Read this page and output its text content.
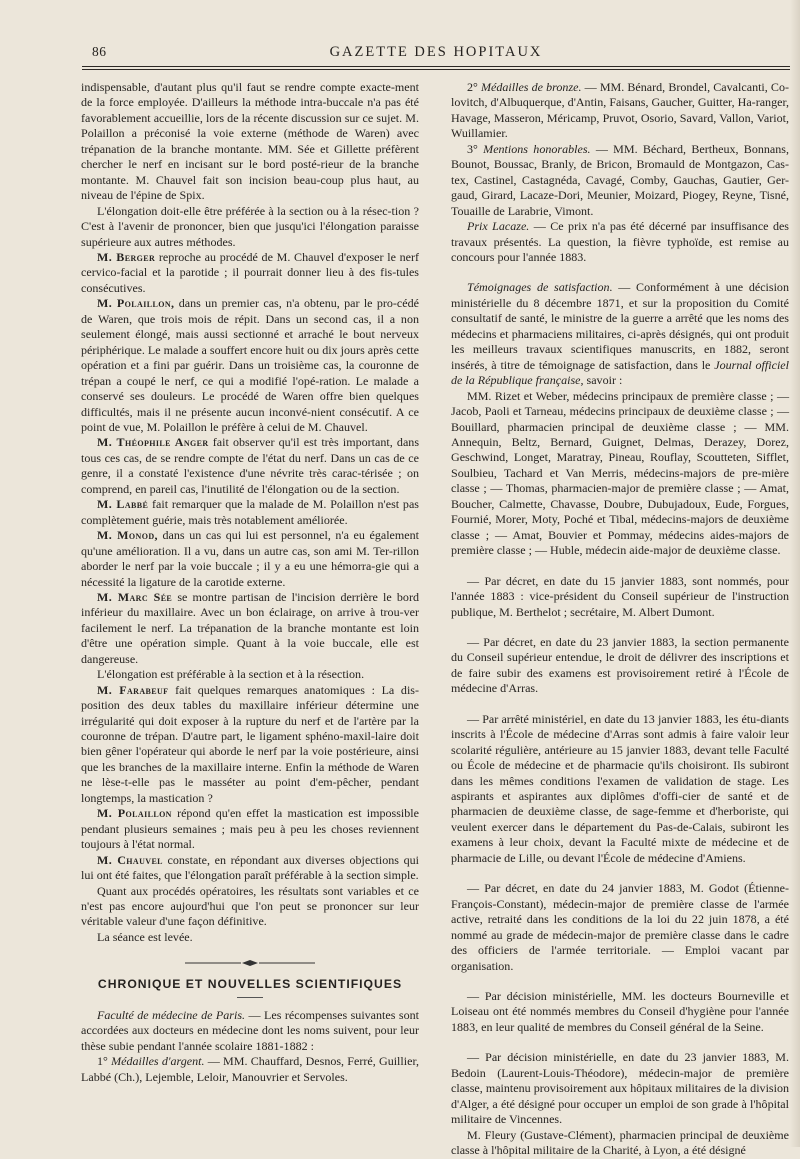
86	GAZETTE DES HOPITAUX

indispensable, d'autant plus qu'il faut se rendre compte exacte-ment de la force employée. D'ailleurs la méthode intra-buccale n'a pas été favorablement accueillie, lors de la récente discussion sur ce sujet. M. Polaillon a préconisé la voie externe (méthode de Waren) avec trépanation de la branche montante. MM. Sée et Gillette préfèrent chercher le nerf en incisant sur le bord posté-rieur de la branche montante. M. Chauvel fait son incision beau-coup plus haut, au niveau de l'épine de Spix.

L'élongation doit-elle être préférée à la section ou à la résec-tion ? C'est à l'avenir de prononcer, bien que jusqu'ici l'élongation paraisse supérieure aux autres méthodes.

M. Berger reproche au procédé de M. Chauvel d'exposer le nerf cervico-facial et la parotide ; il pourrait donner lieu à des fis-tules consécutives.

M. Polaillon, dans un premier cas, n'a obtenu, par le pro-cédé de Waren, que trois mois de répit. Dans un second cas, il a non seulement élongé, mais aussi sectionné et arraché le bout nerveux périphérique. Le malade a souffert encore huit ou dix jours après cette opération et a fini par guérir. Dans un troisième cas, la couronne de trépan a coupé le nerf, ce qui a modifié l'opé-ration. Le malade a conservé ses douleurs. Le procédé de Waren offre bien quelques difficultés, mais il ne présente aucun inconvé-nient consécutif. A ce point de vue, M. Polaillon le préfère à celui de M. Chauvel.

M. Théophile Anger fait observer qu'il est très important, dans tous ces cas, de se rendre compte de l'état du nerf. Dans un cas de ce genre, il a constaté l'existence d'une névrite très carac-térisée ; on comprend, en pareil cas, l'inutilité de l'élongation ou de la section.

M. Labbé fait remarquer que la malade de M. Polaillon n'est pas complètement guérie, mais très notablement améliorée.

M. Monod, dans un cas qui lui est personnel, n'a eu également qu'une amélioration. Il a vu, dans un autre cas, son ami M. Ter-rillon aborder le nerf par la voie buccale ; il y a eu une hémorra-gie qui a nécessité la ligature de la carotide externe.

M. Marc Sée se montre partisan de l'incision derrière le bord inférieur du maxillaire. Avec un bon éclairage, on arrive à trou-ver facilement le nerf. La trépanation de la branche montante est loin d'être une opération simple. Quant à la voie buccale, elle est dangereuse.

L'élongation est préférable à la section et à la résection.

M. Farabeuf fait quelques remarques anatomiques : La dis-position des deux tables du maxillaire inférieur détermine une irrégularité qui doit exposer à la rupture du nerf et de l'artère par la couronne de trépan. D'autre part, le ligament sphéno-maxil-laire doit bien gêner l'opérateur qui aborde le nerf par la voie postérieure, ainsi que les branches de la maxillaire interne. Enfin la méthode de Waren ne lèse-t-elle pas le masséter au point d'em-pêcher, pendant longtemps, la mastication ?

M. Polaillon répond qu'en effet la mastication est impossible pendant plusieurs semaines ; mais peu à peu les choses reviennent toujours à l'état normal.

M. Chauvel constate, en répondant aux diverses objections qui lui ont été faites, que l'élongation paraît préférable à la section simple.

Quant aux procédés opératoires, les résultats sont variables et ce n'est pas encore aujourd'hui que l'on peut se prononcer sur leur véritable valeur d'une façon définitive.

La séance est levée.

CHRONIQUE ET NOUVELLES SCIENTIFIQUES

Faculté de médecine de Paris. — Les récompenses suivantes sont accordées aux docteurs en médecine dont les noms suivent, pour leur thèse subie pendant l'année scolaire 1881-1882 :

1° Médailles d'argent. — MM. Chauffard, Desnos, Ferré, Guillier, Labbé (Ch.), Lejemble, Leloir, Manouvrier et Servoles.

2° Médailles de bronze. — MM. Bénard, Brondel, Cavalcanti, Co-lovitch, d'Albuquerque, d'Antin, Faisans, Gaucher, Guitter, Ha-ranger, Havage, Masseron, Méricamp, Pruvot, Osorio, Savard, Vallon, Variot, Wuillamier.

3° Mentions honorables. — MM. Béchard, Bertheux, Bonnans, Bounot, Boussac, Branly, de Bricon, Bromauld de Montgazon, Cas-tex, Castinel, Castagnéda, Cavagé, Comby, Gauchas, Gautier, Ger-gaud, Girard, Lacaze-Dori, Meunier, Moizard, Piogey, Reyne, Tisné, Touaille de Larabrie, Vimont.

Prix Lacaze. — Ce prix n'a pas été décerné par insuffisance des travaux présentés. La question, la fièvre typhoïde, est remise au concours pour l'année 1883.

Témoignages de satisfaction. — Conformément à une décision ministérielle du 8 décembre 1871, et sur la proposition du Comité consultatif de santé, le ministre de la guerre a arrêté que les noms des médecins et pharmaciens militaires, ci-après désignés, qui ont produit les meilleurs travaux scientifiques manuscrits, en 1882, seront insérés, à titre de témoignage de satisfaction, dans le Journal officiel de la République française, savoir :

MM. Rizet et Weber, médecins principaux de première classe ; — Jacob, Paoli et Tarneau, médecins principaux de deuxième classe ; — Bouillard, pharmacien principal de deuxième classe ; — MM. Annequin, Beltz, Bernard, Guignet, Delmas, Derazey, Dorez, Geschwind, Longet, Maratray, Pineau, Rouflay, Scoutteten, Sifflet, Soulbieu, Tachard et Van Merris, médecins-majors de pre-mière classe ; — Thomas, pharmacien-major de première classe ; — Amat, Boucher, Calmette, Chavasse, Doubre, Dubujadoux, Eude, Forgues, Fournié, Morer, Moty, Poché et Tibal, médecins-majors de deuxième classe ; — Amat, Bouvier et Pommay, médecins aides-majors de première classe ; — Huble, médecin aide-major de deuxième classe.

— Par décret, en date du 15 janvier 1883, sont nommés, pour l'année 1883 : vice-président du Conseil supérieur de l'instruction publique, M. Berthelot ; secrétaire, M. Albert Dumont.

— Par décret, en date du 23 janvier 1883, la section permanente du Conseil supérieur entendue, le droit de délivrer des inscriptions et de faire subir des examens est provisoirement retiré à l'École de médecine d'Arras.

— Par arrêté ministériel, en date du 13 janvier 1883, les étu-diants inscrits à l'École de médecine d'Arras sont admis à faire valoir leur scolarité régulière, antérieure au 15 janvier 1883, devant telle Faculté ou École de médecine et de pharmacie qu'ils choisiront. Ils subiront dans les mêmes conditions l'examen de validation de stage. Les aspirants et aspirantes aux diplômes d'offi-cier de santé et de pharmacien de deuxième classe, de sage-femme et d'herboriste, qui veulent exercer dans le département du Pas-de-Calais, subiront les examens à leur choix, devant la Faculté mixte de médecine et de pharmacie de Lille, ou devant l'École de médecine d'Amiens.

— Par décret, en date du 24 janvier 1883, M. Godot (Étienne-François-Constant), médecin-major de première classe de l'armée active, retraité dans les conditions de la loi du 22 juin 1878, a été nommé au grade de médecin-major de première classe dans le cadre des officiers de l'armée territoriale. — Emploi vacant par organisation.

— Par décision ministérielle, MM. les docteurs Bourneville et Loiseau ont été nommés membres du Conseil d'hygiène pour l'année 1883, en leur qualité de membres du Conseil général de la Seine.

— Par décision ministérielle, en date du 23 janvier 1883, M. Bedoin (Laurent-Louis-Théodore), médecin-major de première classe, maintenu provisoirement aux hôpitaux militaires de la division d'Alger, a été désigné pour occuper un emploi de son grade à l'hôpital militaire de Vincennes.

M. Fleury (Gustave-Clément), pharmacien principal de deuxième classe à l'hôpital militaire de la Charité, à Lyon, a été désigné
